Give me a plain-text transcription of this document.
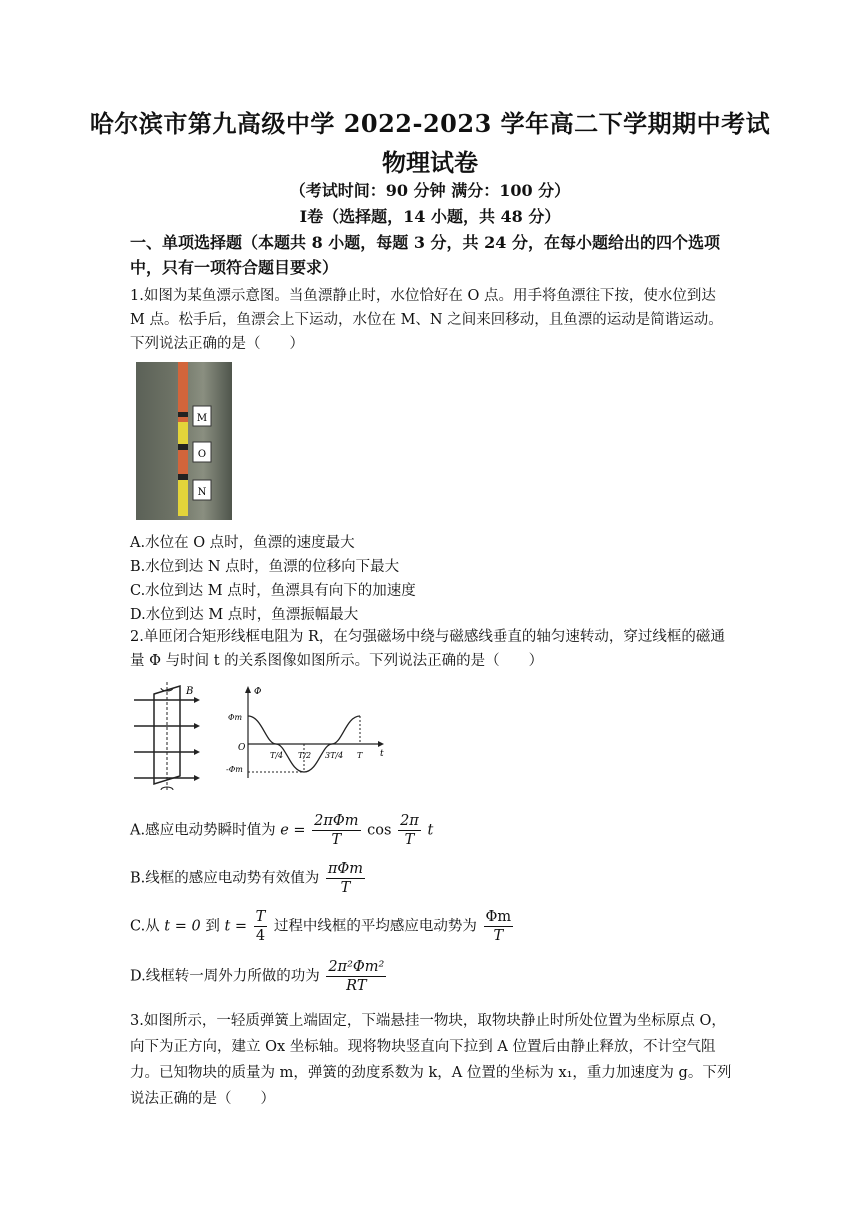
哈尔滨市第九高级中学 2022-2023 学年高二下学期期中考试
物理试卷
（考试时间：90 分钟 满分：100 分）
Ⅰ卷（选择题，14 小题，共 48 分）
一、单项选择题（本题共 8 小题，每题 3 分，共 24 分，在每小题给出的四个选项中，只有一项符合题目要求）
1.如图为某鱼漂示意图。当鱼漂静止时，水位恰好在 O 点。用手将鱼漂往下按，使水位到达 M 点。松手后，鱼漂会上下运动，水位在 M、N 之间来回移动，且鱼漂的运动是简谐运动。下列说法正确的是（　　）
M
O
N
A.水位在 O 点时，鱼漂的速度最大
B.水位到达 N 点时，鱼漂的位移向下最大
C.水位到达 M 点时，鱼漂具有向下的加速度
D.水位到达 M 点时，鱼漂振幅最大
2.单匝闭合矩形线框电阻为 R，在匀强磁场中绕与磁感线垂直的轴匀速转动，穿过线框的磁通量 Φ 与时间 t 的关系图像如图所示。下列说法正确的是（　　）
B	Φ
t
O
Φm
-Φm
T/4 T/2 3T/4 T
A.感应电动势瞬时值为 $e = \frac{\text{2πΦm}}{T}$ $\cos \frac{2\pi}{T}$ t
B.线框的感应电动势有效值为 $\frac{\text{πΦm}}{T}$
C.从 t = 0 到 $t = \frac{T}{4}$ 过程中线框的平均感应电动势为 $\frac{\Phi m}{T}$
D.线框转一周外力所做的功为 $\frac{\text{2π²Φm²}}{RT}$
3.如图所示，一轻质弹簧上端固定，下端悬挂一物块，取物块静止时所处位置为坐标原点 O，向下为正方向，建立 Ox 坐标轴。现将物块竖直向下拉到 A 位置后由静止释放，不计空气阻力。已知物块的质量为 m，弹簧的劲度系数为 k，A 位置的坐标为 x₁，重力加速度为 g。下列说法正确的是（　　）
